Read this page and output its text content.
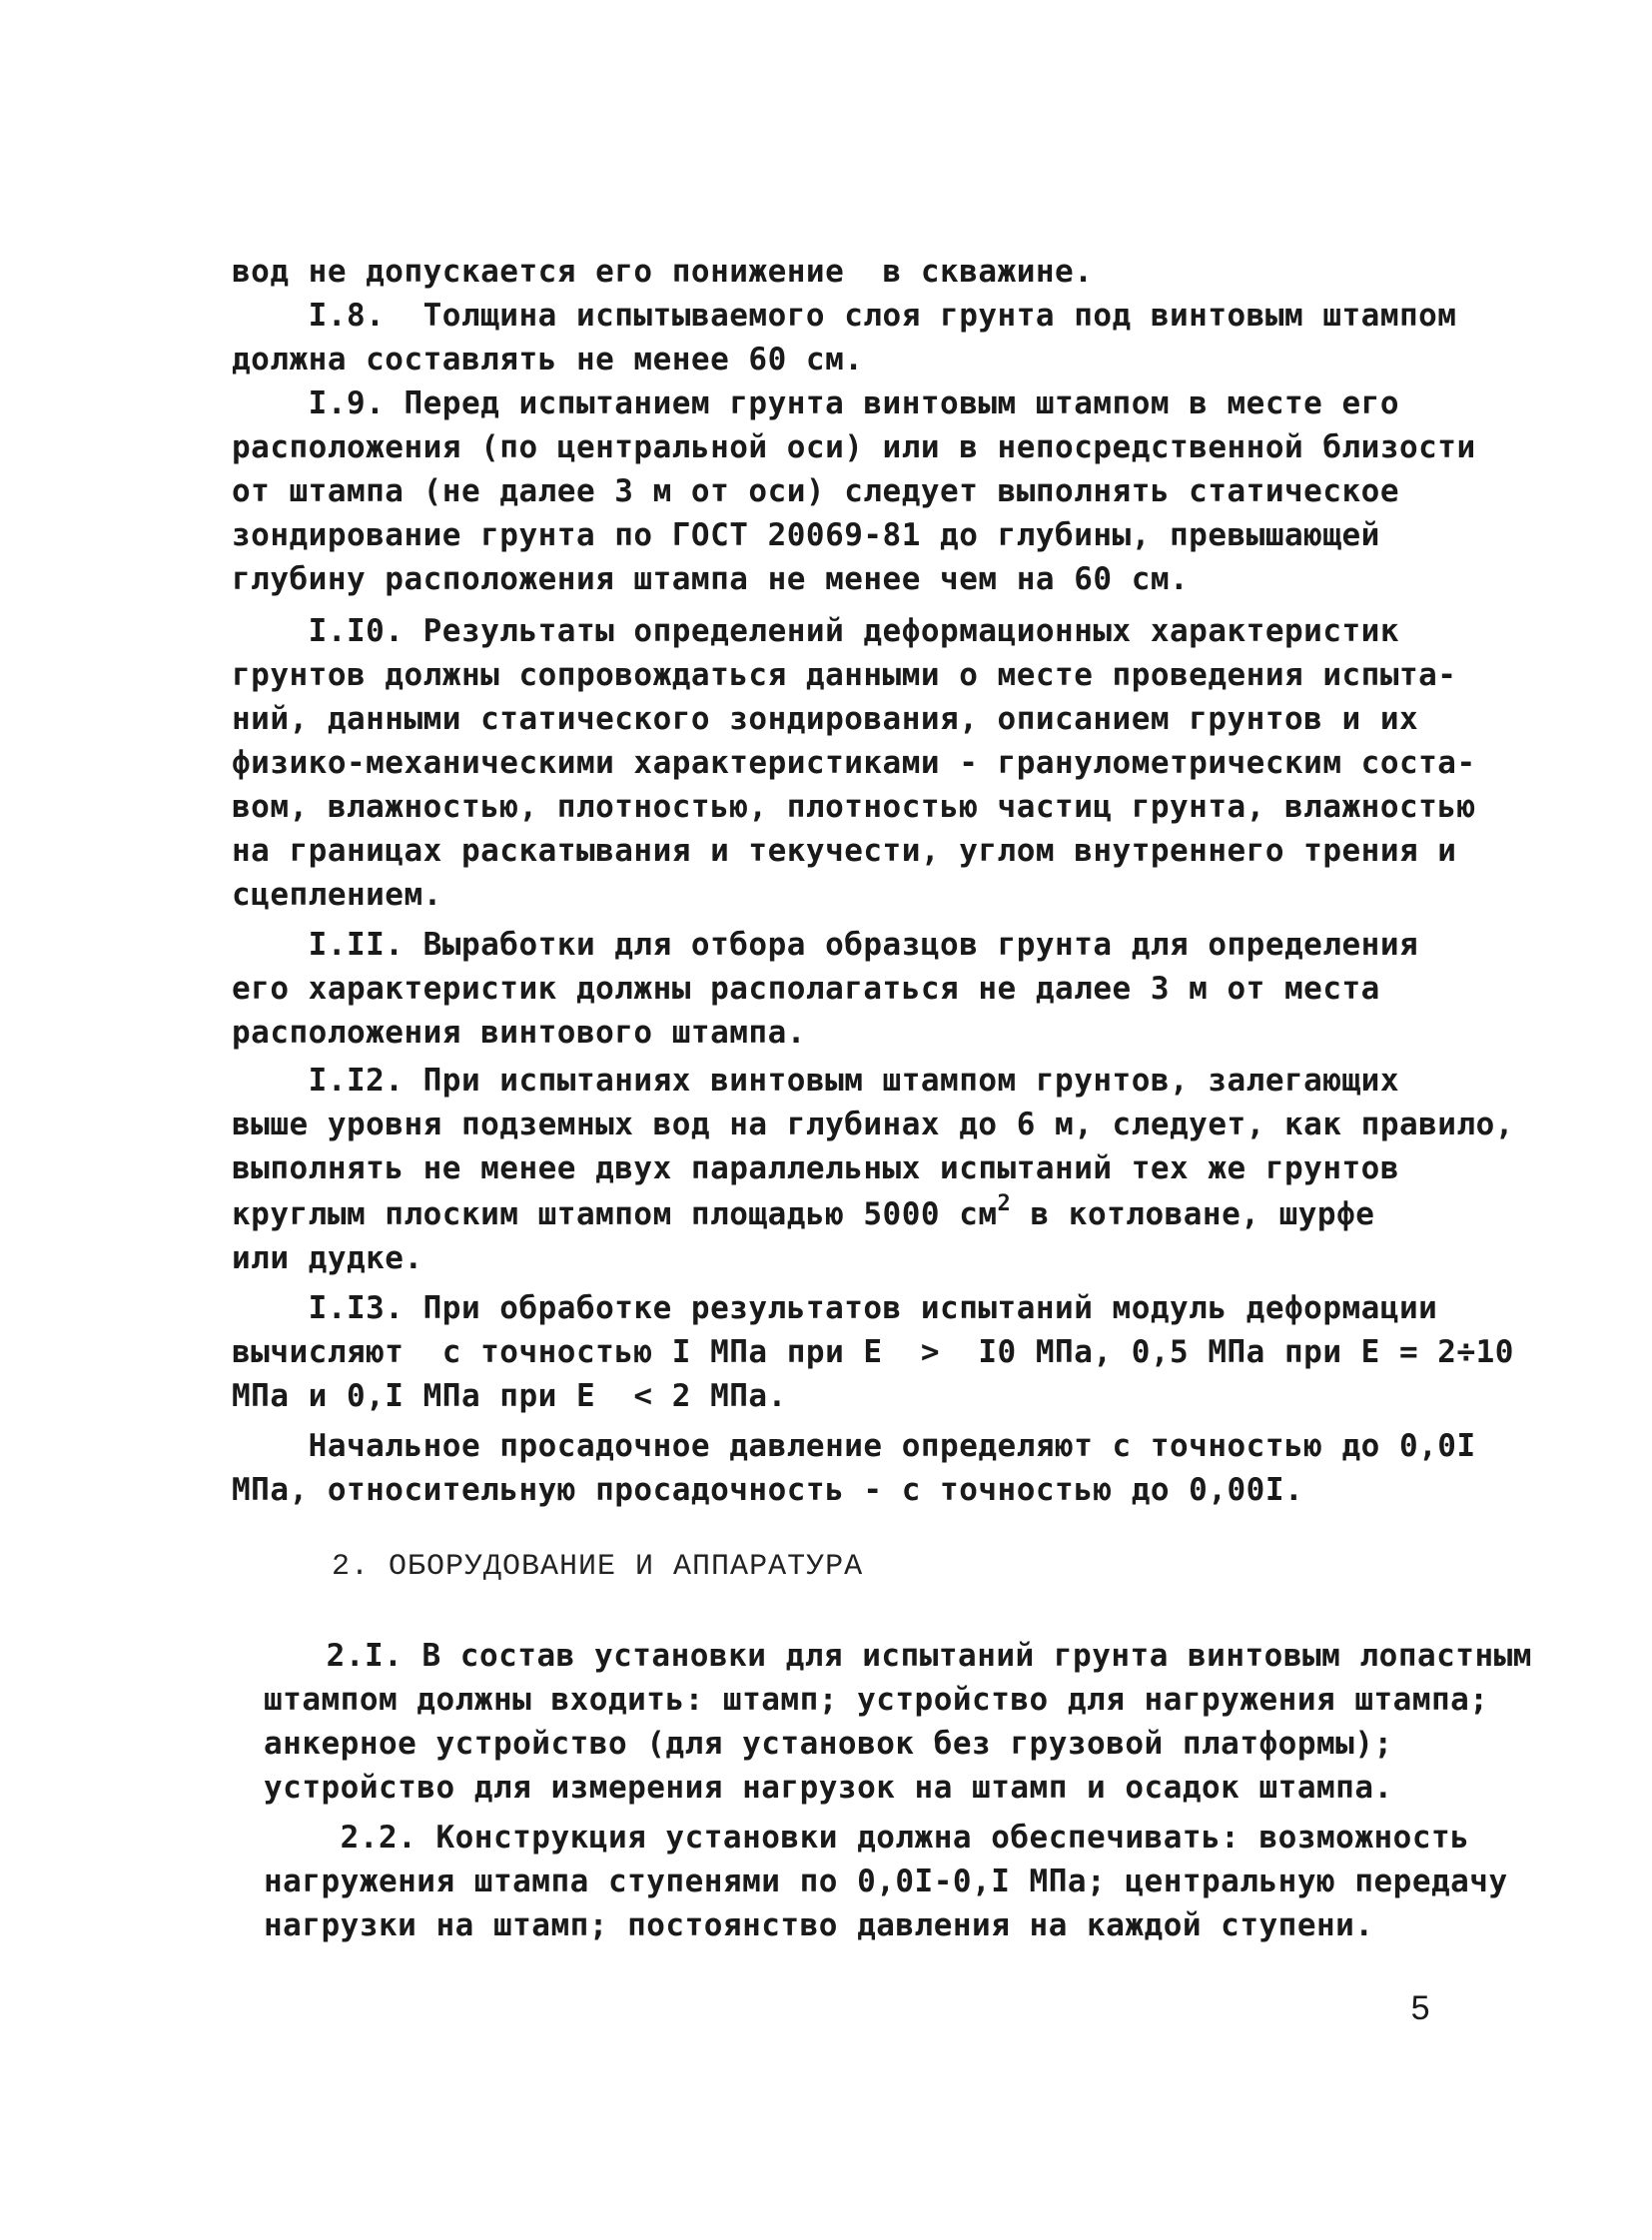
вод не допускается его понижение  в скважине.
I.8.  Толщина испытываемого слоя грунта под винтовым штампом
должна составлять не менее 60 см.
I.9. Перед испытанием грунта винтовым штампом в месте его
расположения (по центральной оси) или в непосредственной близости
от штампа (не далее 3 м от оси) следует выполнять статическое
зондирование грунта по ГОСТ 20069-81 до глубины, превышающей
глубину расположения штампа не менее чем на 60 см.
I.I0. Результаты определений деформационных характеристик
грунтов должны сопровождаться данными о месте проведения испыта-
ний, данными статического зондирования, описанием грунтов и их
физико-механическими характеристиками - гранулометрическим соста-
вом, влажностью, плотностью, плотностью частиц грунта, влажностью
на границах раскатывания и текучести, углом внутреннего трения и
сцеплением.
I.II. Выработки для отбора образцов грунта для определения
его характеристик должны располагаться не далее 3 м от места
расположения винтового штампа.
I.I2. При испытаниях винтовым штампом грунтов, залегающих
выше уровня подземных вод на глубинах до 6 м, следует, как правило,
выполнять не менее двух параллельных испытаний тех же грунтов
круглым плоским штампом площадью 5000 $см^2$ в котловане, шурфе
или дудке.
I.I3. При обработке результатов испытаний модуль деформации
вычисляют  с точностью I МПа при E  >  I0 МПа, 0,5 МПа при E = 2÷10
МПа и 0,I МПа при E  < 2 МПа.
Начальное просадочное давление определяют с точностью до 0,0I
МПа, относительную просадочность - с точностью до 0,00I.
2. ОБОРУДОВАНИЕ И АППАРАТУРА
2.I. В состав установки для испытаний грунта винтовым лопастным
штампом должны входить: штамп; устройство для нагружения штампа;
анкерное устройство (для установок без грузовой платформы);
устройство для измерения нагрузок на штамп и осадок штампа.
2.2. Конструкция установки должна обеспечивать: возможность
нагружения штампа ступенями по 0,0I-0,I МПа; центральную передачу
нагрузки на штамп; постоянство давления на каждой ступени.
5
